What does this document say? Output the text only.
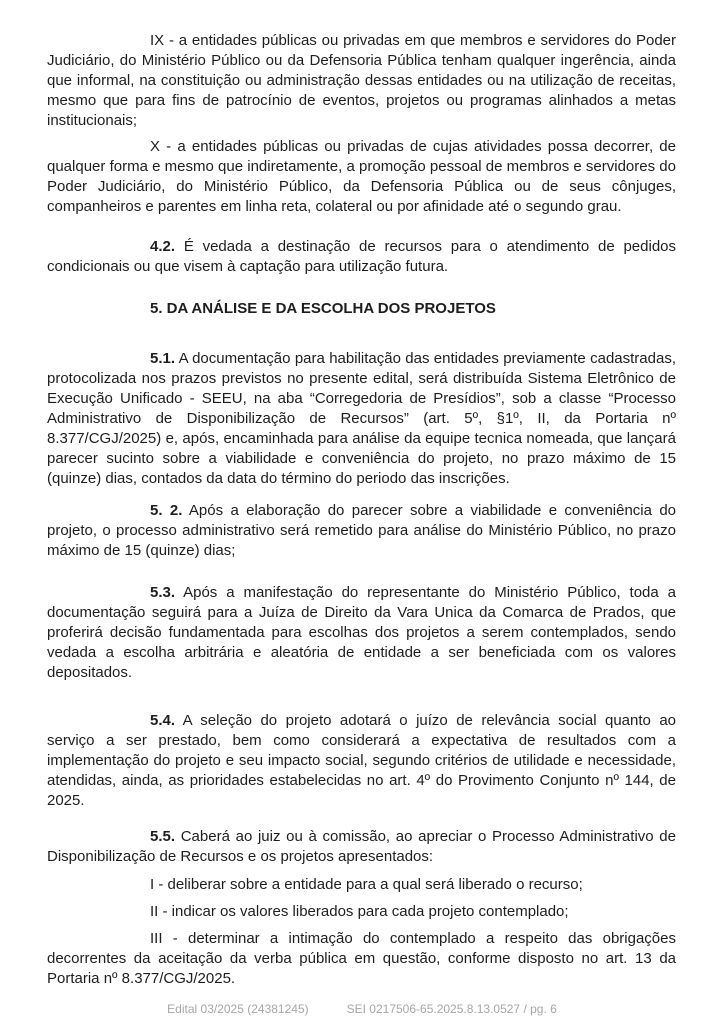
IX - a entidades públicas ou privadas em que membros e servidores do Poder Judiciário, do Ministério Público ou da Defensoria Pública tenham qualquer ingerência, ainda que informal, na constituição ou administração dessas entidades ou na utilização de receitas, mesmo que para fins de patrocínio de eventos, projetos ou programas alinhados a metas institucionais;

X - a entidades públicas ou privadas de cujas atividades possa decorrer, de qualquer forma e mesmo que indiretamente, a promoção pessoal de membros e servidores do Poder Judiciário, do Ministério Público, da Defensoria Pública ou de seus cônjuges, companheiros e parentes em linha reta, colateral ou por afinidade até o segundo grau.

4.2. É vedada a destinação de recursos para o atendimento de pedidos condicionais ou que visem à captação para utilização futura.

5. DA ANÁLISE E DA ESCOLHA DOS PROJETOS

5.1. A documentação para habilitação das entidades previamente cadastradas, protocolizada nos prazos previstos no presente edital, será distribuída Sistema Eletrônico de Execução Unificado - SEEU, na aba “Corregedoria de Presídios”, sob a classe “Processo Administrativo de Disponibilização de Recursos” (art. 5º, §1º, II, da Portaria nº 8.377/CGJ/2025) e, após, encaminhada para análise da equipe tecnica nomeada, que lançará parecer sucinto sobre a viabilidade e conveniência do projeto, no prazo máximo de 15 (quinze) dias, contados da data do término do periodo das inscrições.

5. 2. Após a elaboração do parecer sobre a viabilidade e conveniência do projeto, o processo administrativo será remetido para análise do Ministério Público, no prazo máximo de 15 (quinze) dias;

5.3. Após a manifestação do representante do Ministério Público, toda a documentação seguirá para a Juíza de Direito da Vara Unica da Comarca de Prados, que proferirá decisão fundamentada para escolhas dos projetos a serem contemplados, sendo vedada a escolha arbitrária e aleatória de entidade a ser beneficiada com os valores depositados.

5.4. A seleção do projeto adotará o juízo de relevância social quanto ao serviço a ser prestado, bem como considerará a expectativa de resultados com a implementação do projeto e seu impacto social, segundo critérios de utilidade e necessidade, atendidas, ainda, as prioridades estabelecidas no art. 4º do Provimento Conjunto nº 144, de 2025.

5.5. Caberá ao juiz ou à comissão, ao apreciar o Processo Administrativo de Disponibilização de Recursos e os projetos apresentados:

I - deliberar sobre a entidade para a qual será liberado o recurso;

II - indicar os valores liberados para cada projeto contemplado;

III - determinar a intimação do contemplado a respeito das obrigações decorrentes da aceitação da verba pública em questão, conforme disposto no art. 13 da Portaria nº 8.377/CGJ/2025.

Edital 03/2025 (24381245)	SEI 0217506-65.2025.8.13.0527 / pg. 6
